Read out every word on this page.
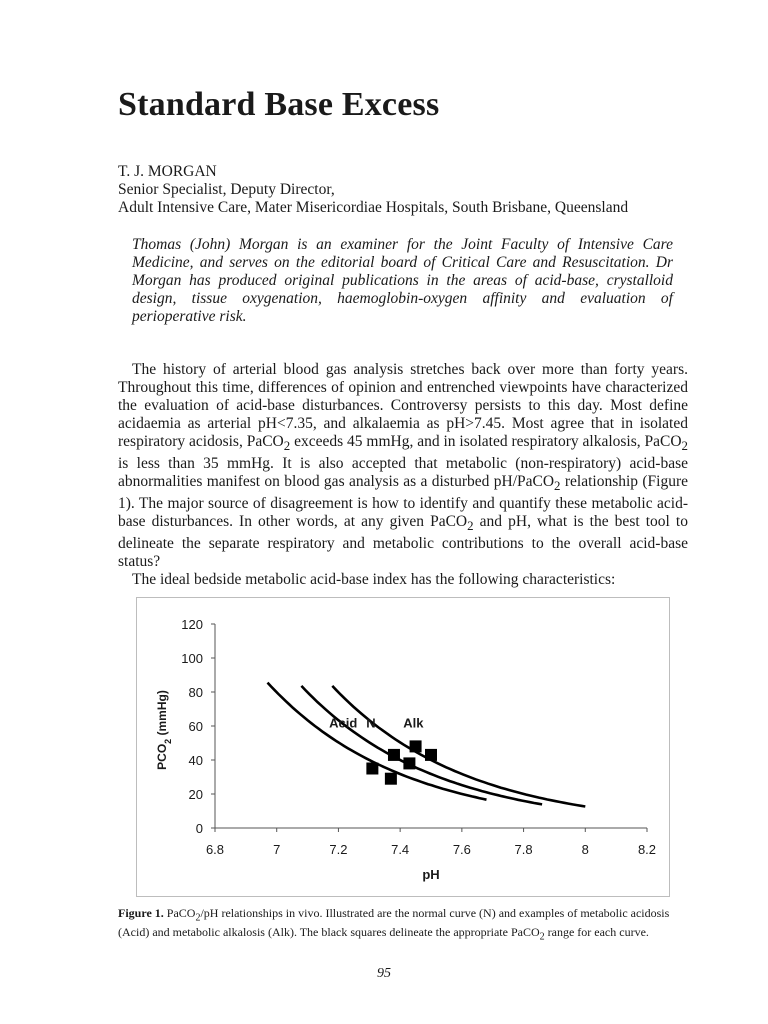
Standard Base Excess
T. J. MORGAN
Senior Specialist, Deputy Director,
Adult Intensive Care, Mater Misericordiae Hospitals, South Brisbane, Queensland
Thomas (John) Morgan is an examiner for the Joint Faculty of Intensive Care Medicine, and serves on the editorial board of Critical Care and Resuscitation. Dr Morgan has produced original publications in the areas of acid-base, crystalloid design, tissue oxygenation, haemoglobin-oxygen affinity and evaluation of perioperative risk.

The history of arterial blood gas analysis stretches back over more than forty years. Throughout this time, differences of opinion and entrenched viewpoints have characterized the evaluation of acid-base disturbances. Controversy persists to this day. Most define acidaemia as arterial pH<7.35, and alkalaemia as pH>7.45. Most agree that in isolated respiratory acidosis, PaCO$_2$ exceeds 45 mmHg, and in isolated respiratory alkalosis, PaCO$_2$ is less than 35 mmHg. It is also accepted that metabolic (non-respiratory) acid-base abnormalities manifest on blood gas analysis as a disturbed pH/PaCO$_2$ relationship (Figure 1). The major source of disagreement is how to identify and quantify these metabolic acid-base disturbances. In other words, at any given PaCO$_2$ and pH, what is the best tool to delineate the separate respiratory and metabolic contributions to the overall acid-base status?

The ideal bedside metabolic acid-base index has the following characteristics:

6.8	7	7.2	7.4	7.6	7.8	8	8.2
0
20
40
60
80
100
120
Acid N Alk
pH
$PCO_2$ (mmHg)
Figure 1. PaCO$_2$/pH relationships in vivo. Illustrated are the normal curve (N) and examples of metabolic acidosis (Acid) and metabolic alkalosis (Alk). The black squares delineate the appropriate PaCO$_2$ range for each curve.
95
